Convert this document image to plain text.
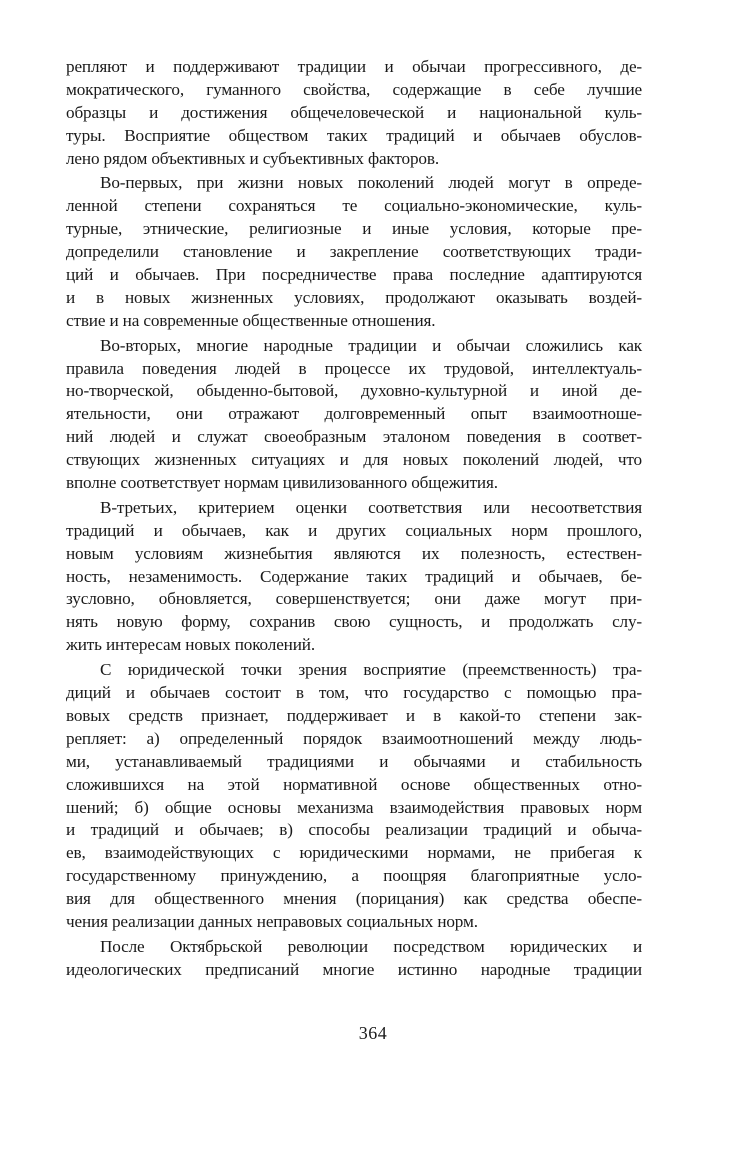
репляют и поддерживают традиции и обычаи прогрессивного, де-
мократического, гуманного свойства, содержащие в себе лучшие
образцы и достижения общечеловеческой и национальной куль-
туры. Восприятие обществом таких традиций и обычаев обуслов-
лено рядом объективных и субъективных факторов.
Во-первых, при жизни новых поколений людей могут в опреде-
ленной степени сохраняться те социально-экономические, куль-
турные, этнические, религиозные и иные условия, которые пре-
допределили становление и закрепление соответствующих тради-
ций и обычаев. При посредничестве права последние адаптируются
и в новых жизненных условиях, продолжают оказывать воздей-
ствие и на современные общественные отношения.
Во-вторых, многие народные традиции и обычаи сложились как
правила поведения людей в процессе их трудовой, интеллектуаль-
но-творческой, обыденно-бытовой, духовно-культурной и иной де-
ятельности, они отражают долговременный опыт взаимоотноше-
ний людей и служат своеобразным эталоном поведения в соответ-
ствующих жизненных ситуациях и для новых поколений людей, что
вполне соответствует нормам цивилизованного общежития.
В-третьих, критерием оценки соответствия или несоответствия
традиций и обычаев, как и других социальных норм прошлого,
новым условиям жизнебытия являются их полезность, естествен-
ность, незаменимость. Содержание таких традиций и обычаев, бе-
зусловно, обновляется, совершенствуется; они даже могут при-
нять новую форму, сохранив свою сущность, и продолжать слу-
жить интересам новых поколений.
С юридической точки зрения восприятие (преемственность) тра-
диций и обычаев состоит в том, что государство с помощью пра-
вовых средств признает, поддерживает и в какой-то степени зак-
репляет: а) определенный порядок взаимоотношений между людь-
ми, устанавливаемый традициями и обычаями и стабильность
сложившихся на этой нормативной основе общественных отно-
шений; б) общие основы механизма взаимодействия правовых норм
и традиций и обычаев; в) способы реализации традиций и обыча-
ев, взаимодействующих с юридическими нормами, не прибегая к
государственному принуждению, а поощряя благоприятные усло-
вия для общественного мнения (порицания) как средства обеспе-
чения реализации данных неправовых социальных норм.
После Октябрьской революции посредством юридических и
идеологических предписаний многие истинно народные традиции
364
